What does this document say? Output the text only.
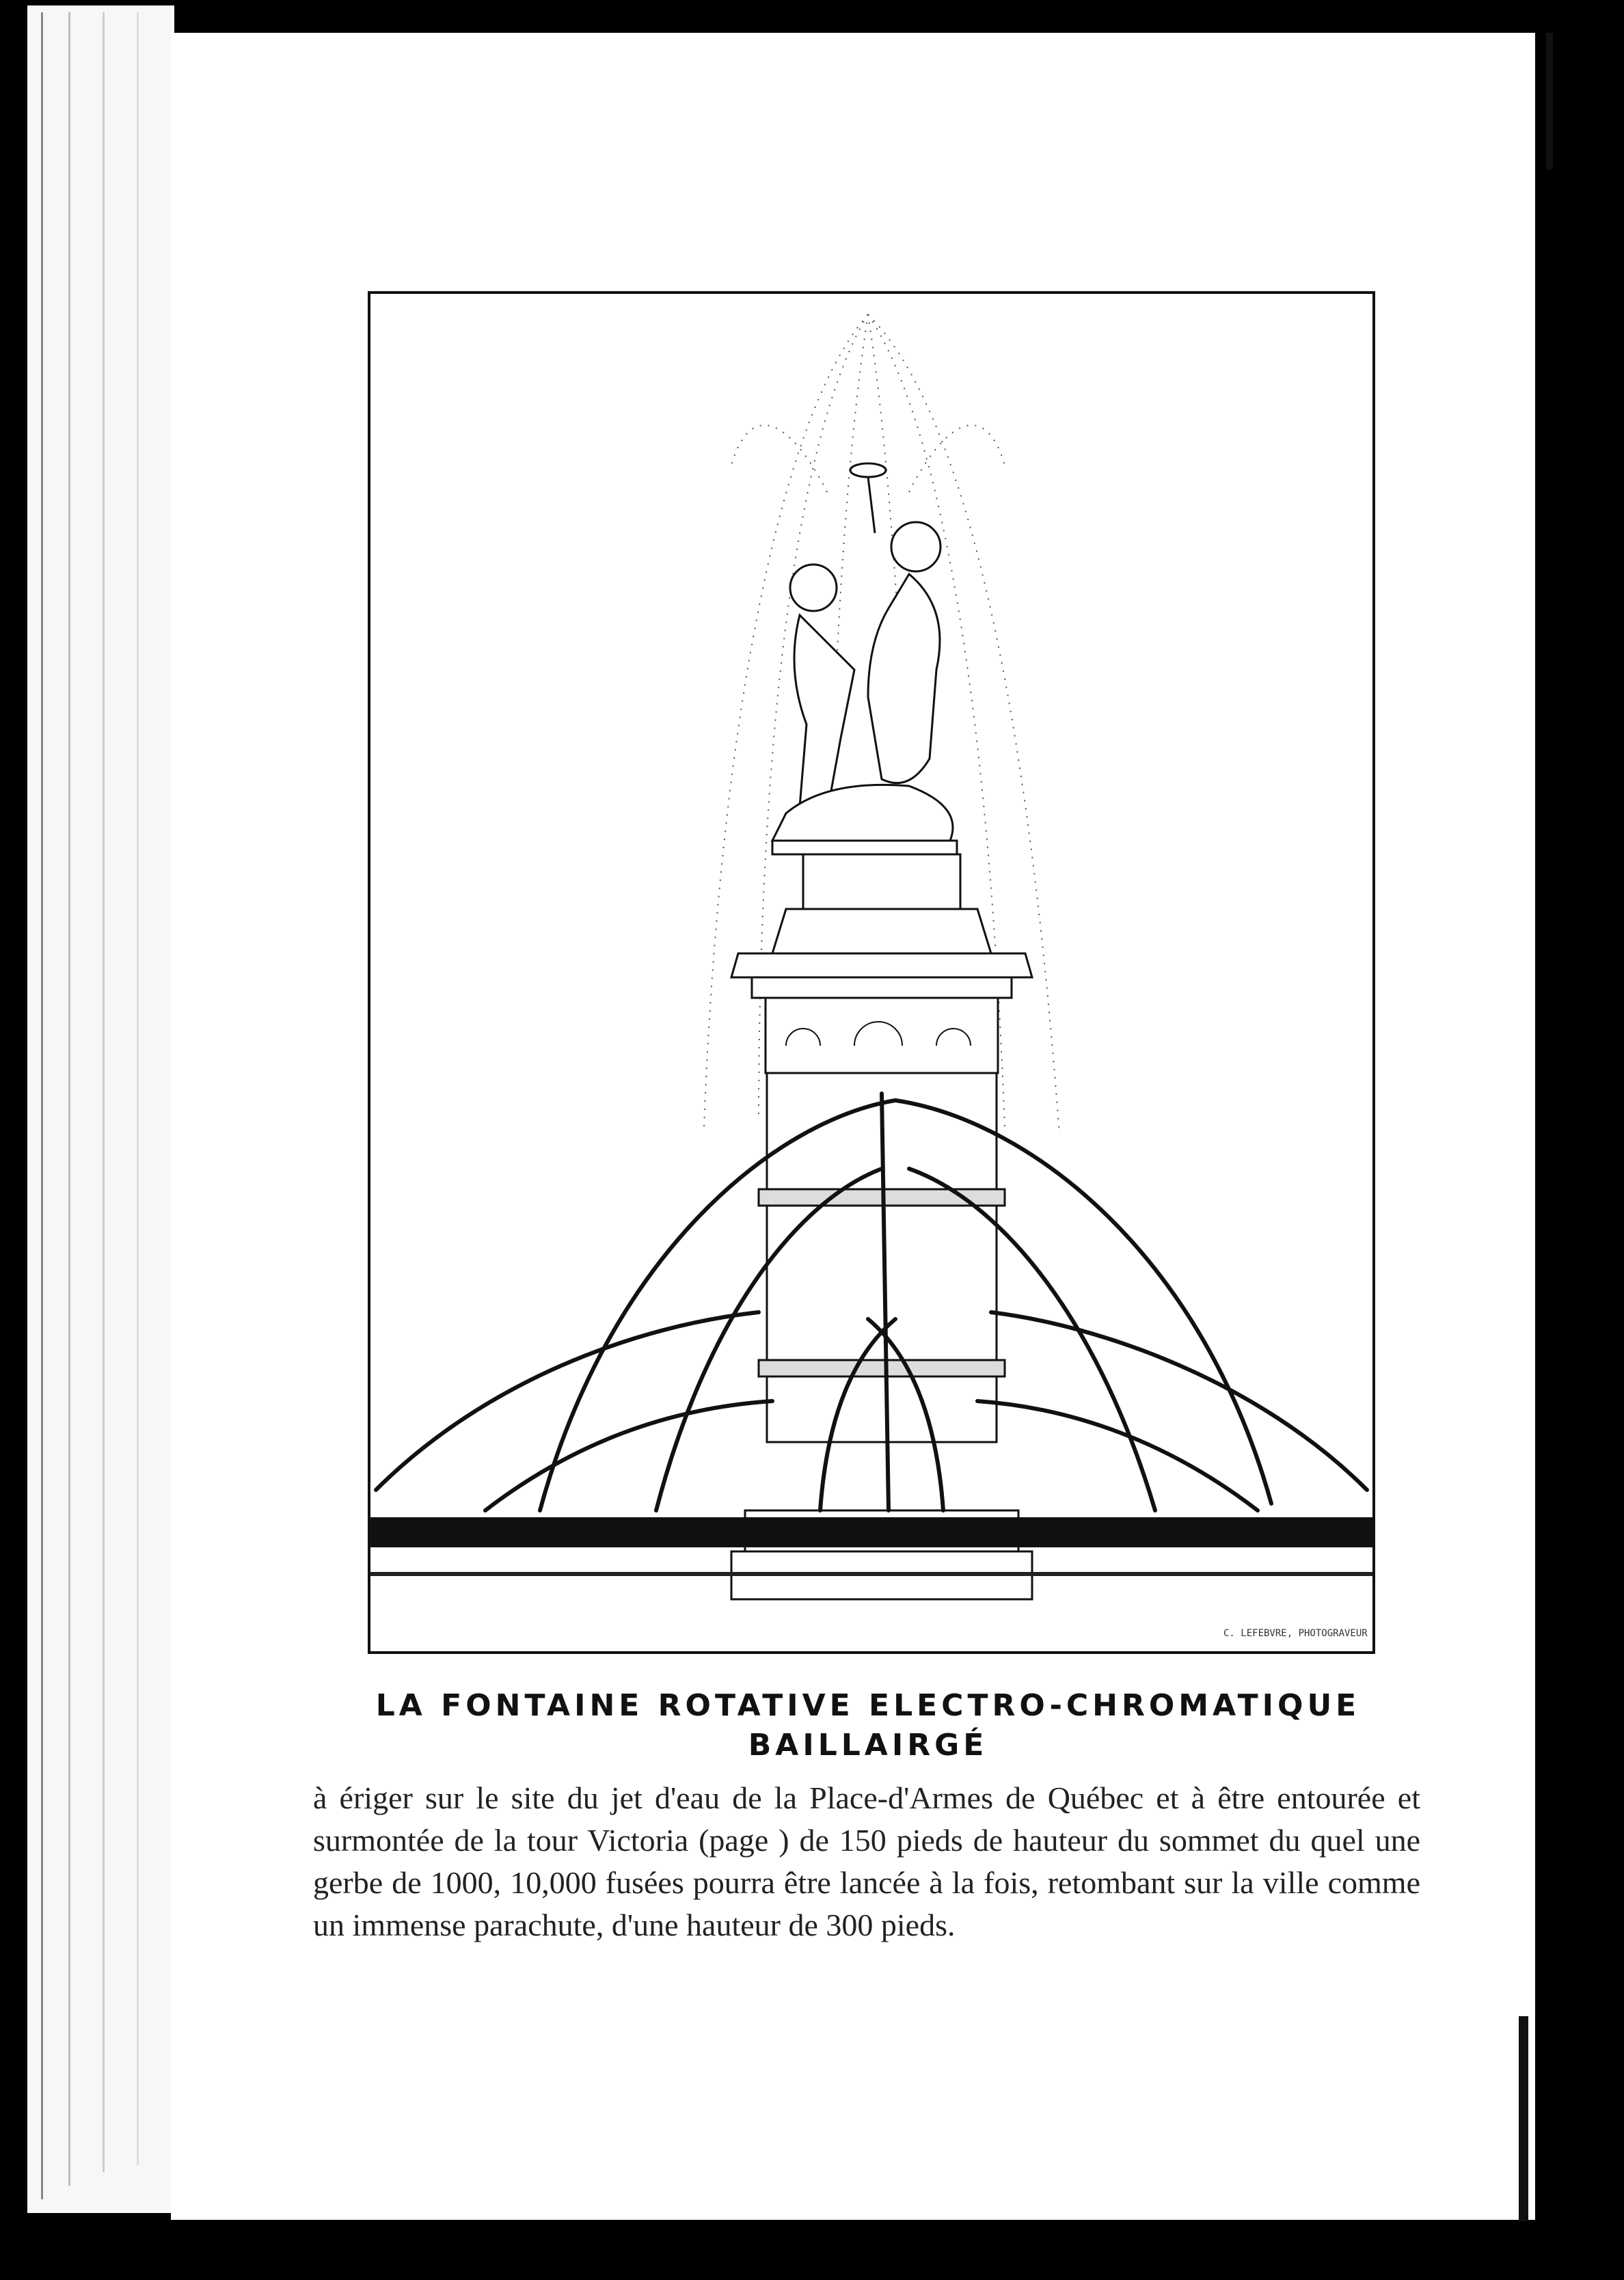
C. LEFEBVRE, PHOTOGRAVEUR
LA FONTAINE ROTATIVE ELECTRO-CHROMATIQUE
BAILLAIRGÉ
à ériger sur le site du jet d'eau de la Place-d'Armes de Québec et à être entourée et surmontée de la tour Victoria (page ) de 150 pieds de hauteur du sommet du quel une gerbe de 1000, 10,000 fusées pourra être lancée à la fois, retombant sur la ville comme un immense parachute, d'une hauteur de 300 pieds.
